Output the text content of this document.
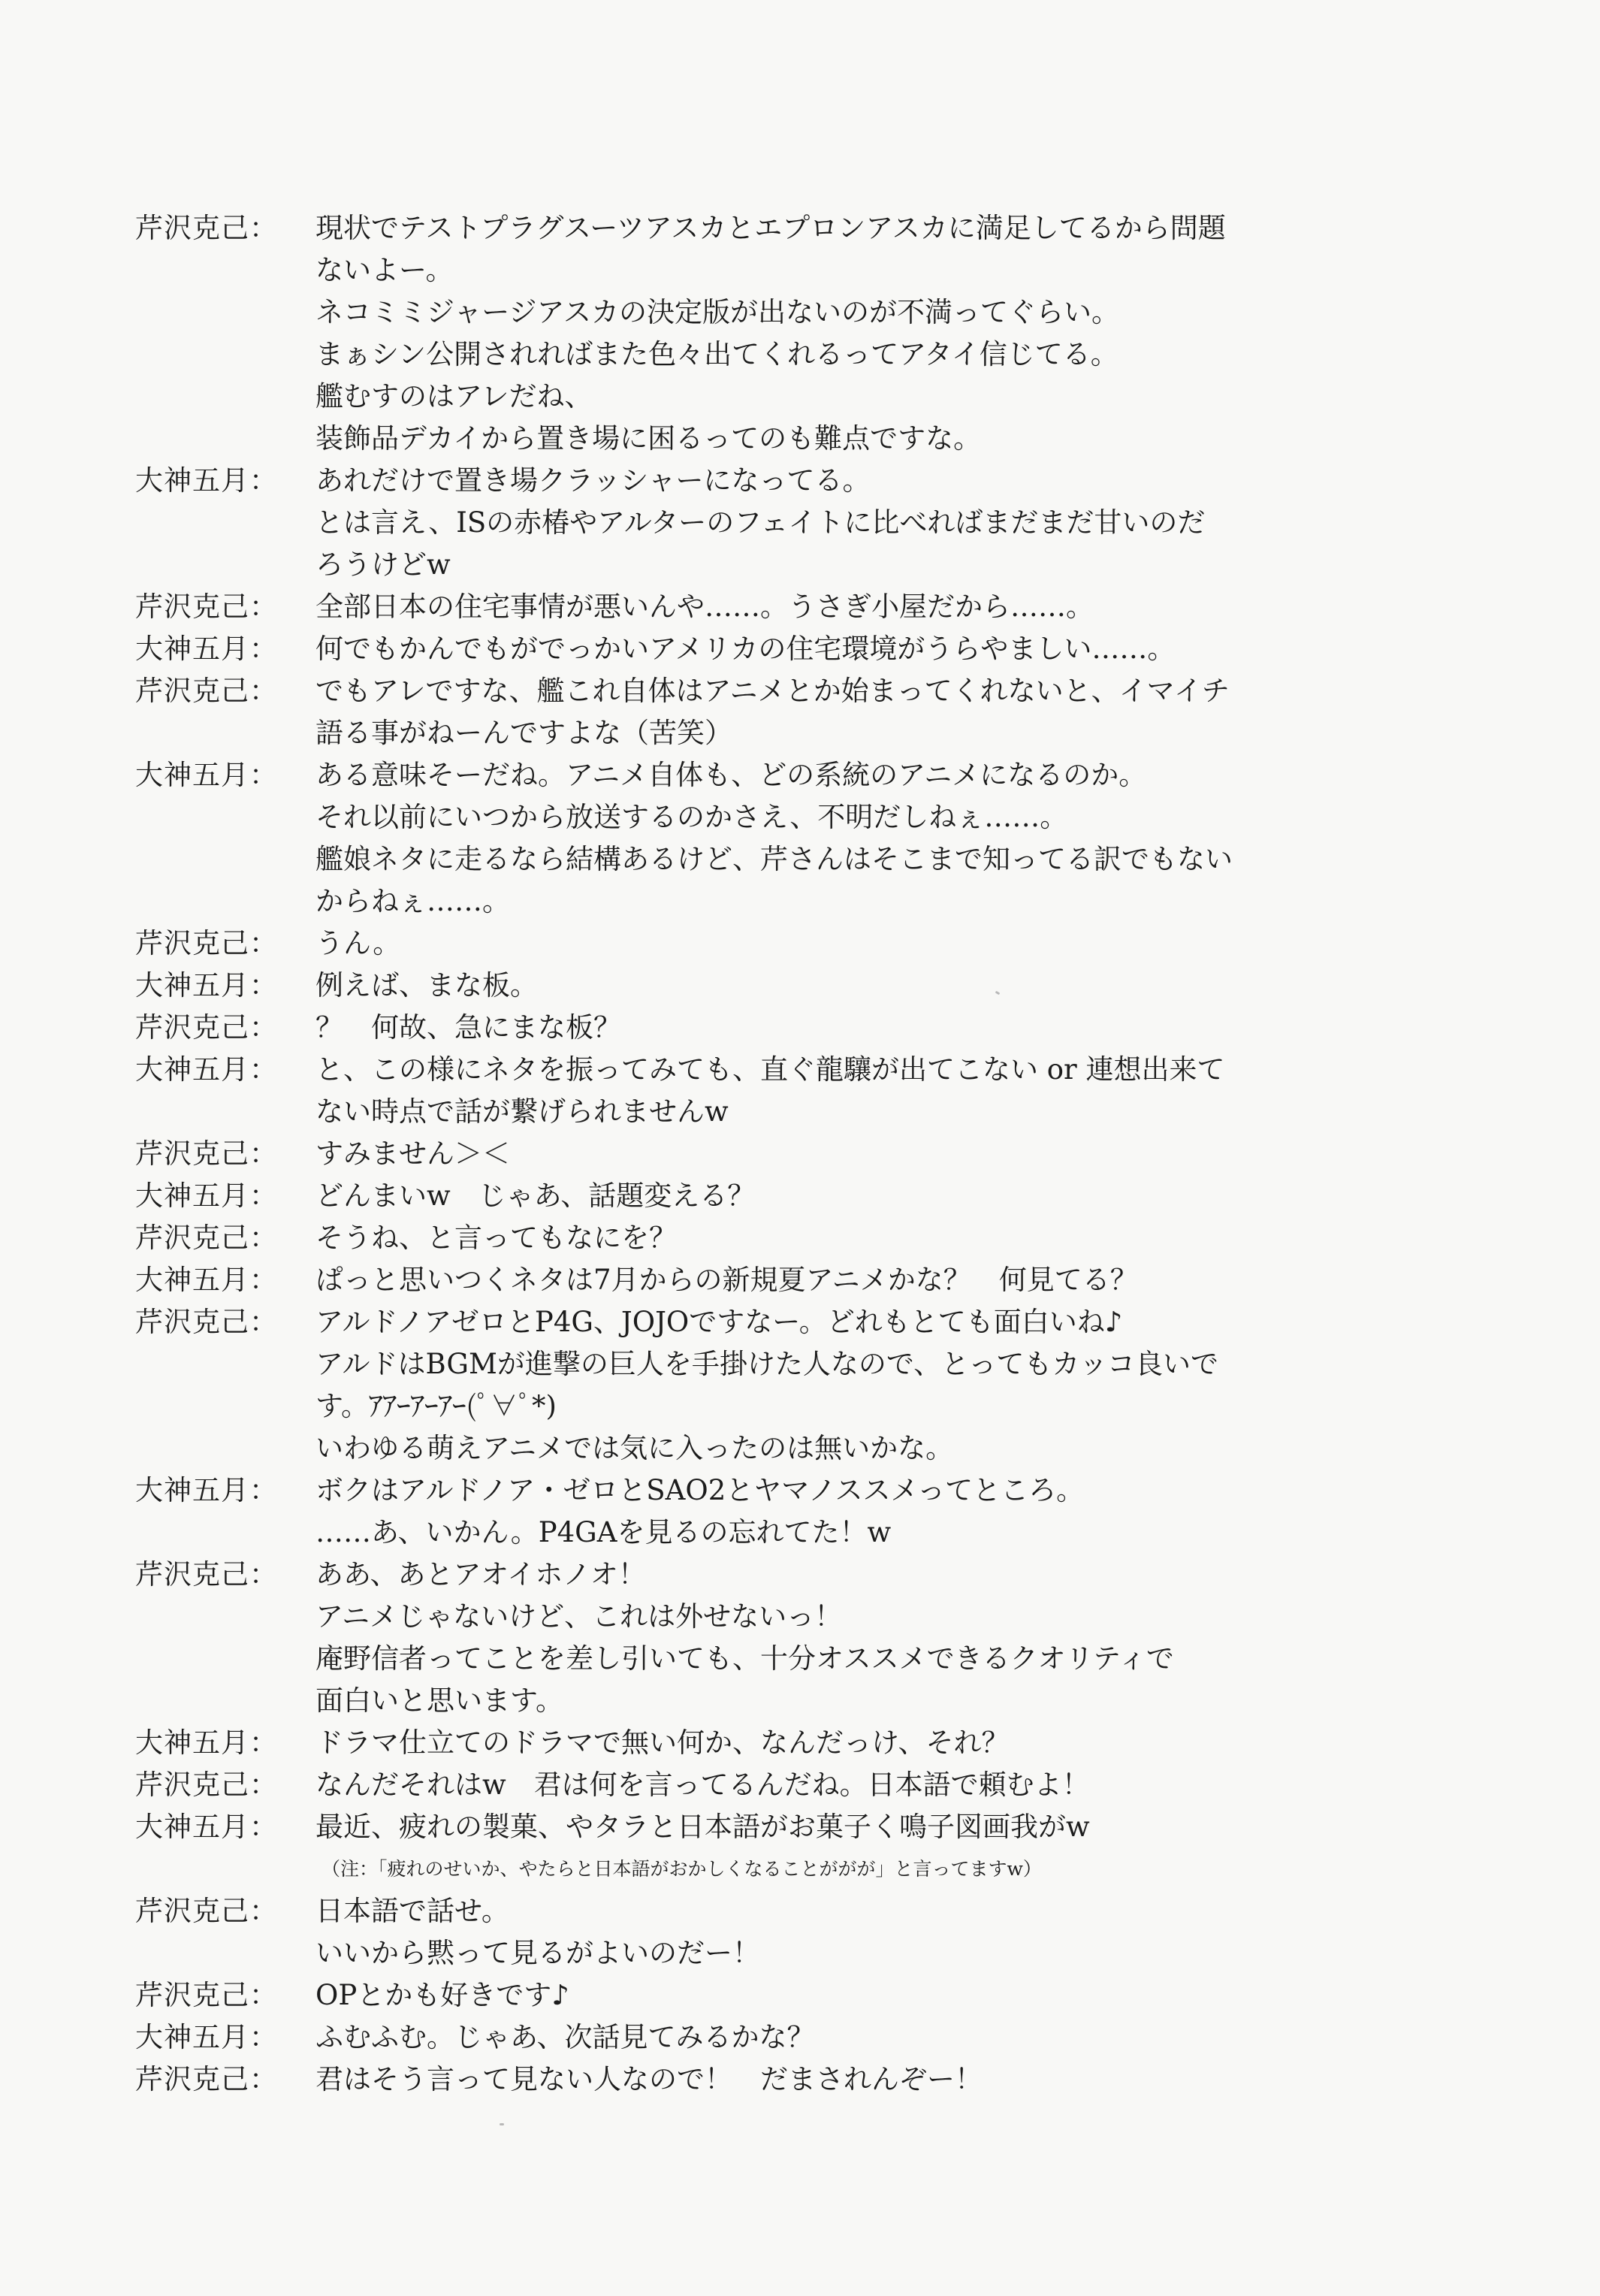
芹沢克己：	現状でテストプラグスーツアスカとエプロンアスカに満足してるから問題
ないよー。
ネコミミジャージアスカの決定版が出ないのが不満ってぐらい。
まぁシン公開されればまた色々出てくれるってアタイ信じてる。
艦むすのはアレだね、
装飾品デカイから置き場に困るってのも難点ですな。
大神五月：	あれだけで置き場クラッシャーになってる。
とは言え、ISの赤椿やアルターのフェイトに比べればまだまだ甘いのだ
ろうけどw
芹沢克己：	全部日本の住宅事情が悪いんや……。うさぎ小屋だから……。
大神五月：	何でもかんでもがでっかいアメリカの住宅環境がうらやましい……。
芹沢克己：	でもアレですな、艦これ自体はアニメとか始まってくれないと、イマイチ
語る事がねーんですよな（苦笑）
大神五月：	ある意味そーだね。アニメ自体も、どの系統のアニメになるのか。
それ以前にいつから放送するのかさえ、不明だしねぇ……。
艦娘ネタに走るなら結構あるけど、芹さんはそこまで知ってる訳でもない
からねぇ……。
芹沢克己：	うん。
大神五月：	例えば、まな板。
芹沢克己：	？　何故、急にまな板？
大神五月：	と、この様にネタを振ってみても、直ぐ龍驤が出てこない or 連想出来て
ない時点で話が繋げられませんw
芹沢克己：	すみません＞＜
大神五月：	どんまいw　じゃあ、話題変える？
芹沢克己：	そうね、と言ってもなにを？
大神五月：	ぱっと思いつくネタは7月からの新規夏アニメかな？　何見てる？
芹沢克己：	アルドノアゼロとP4G、JOJOですなー。どれもとても面白いね♪
アルドはBGMが進撃の巨人を手掛けた人なので、とってもカッコ良いで
す。ｱｱｰｱｰｱｰ(ﾟ∀ﾟ*)
いわゆる萌えアニメでは気に入ったのは無いかな。
大神五月：	ボクはアルドノア・ゼロとSAO2とヤマノススメってところ。
……あ、いかん。P4GAを見るの忘れてた！w
芹沢克己：	ああ、あとアオイホノオ！
アニメじゃないけど、これは外せないっ！
庵野信者ってことを差し引いても、十分オススメできるクオリティで
面白いと思います。
大神五月：	ドラマ仕立てのドラマで無い何か、なんだっけ、それ？
芹沢克己：	なんだそれはw　君は何を言ってるんだね。日本語で頼むよ！
大神五月：	最近、疲れの製菓、やタラと日本語がお菓子く鳴子図画我がw
（注：「疲れのせいか、やたらと日本語がおかしくなることががが」と言ってますw）
芹沢克己：	日本語で話せ。
いいから黙って見るがよいのだー！
芹沢克己：	OPとかも好きです♪
大神五月：	ふむふむ。じゃあ、次話見てみるかな？
芹沢克己：	君はそう言って見ない人なので！　だまされんぞー！
